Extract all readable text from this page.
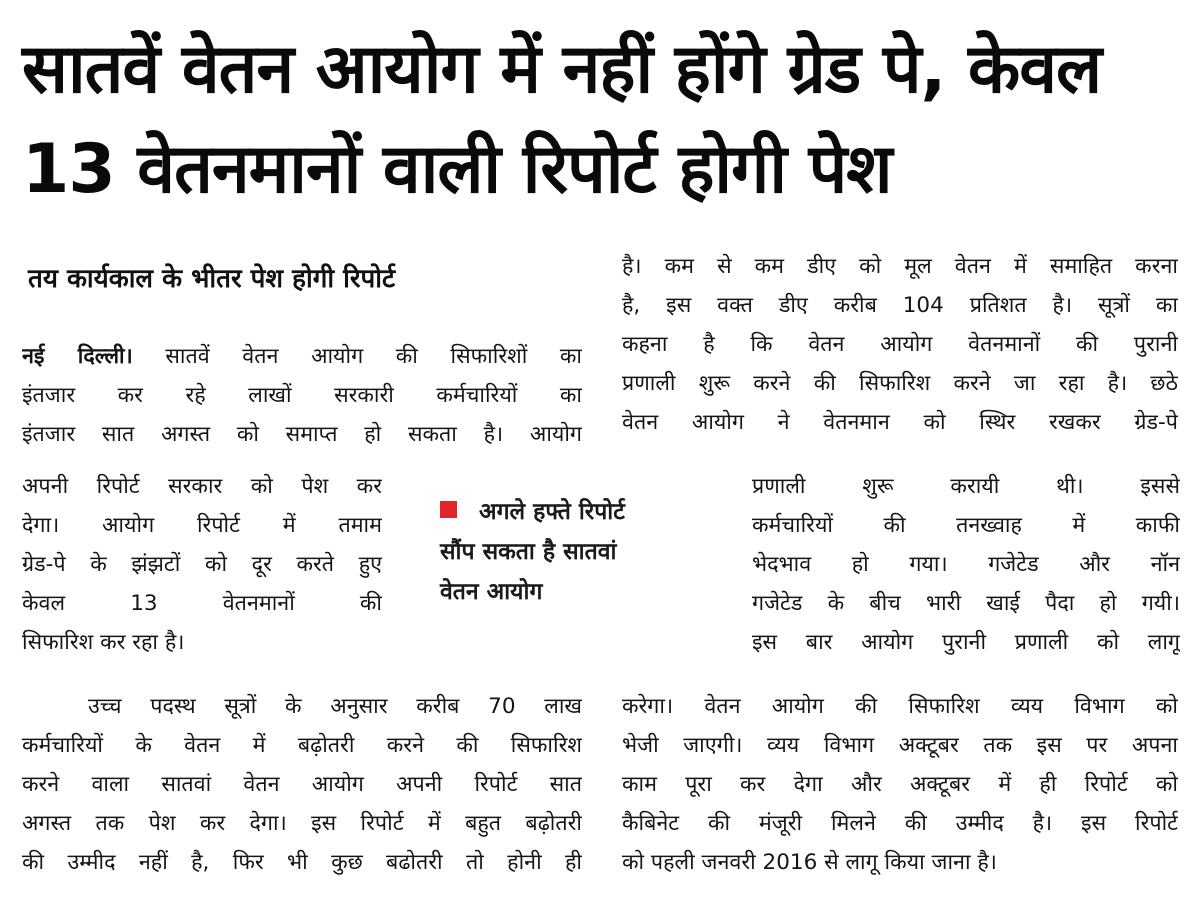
सातवें वेतन आयोग में नहीं होंगे ग्रेड पे, केवल
13 वेतनमानों वाली रिपोर्ट होगी पेश
तय कार्यकाल के भीतर पेश होगी रिपोर्ट
नई दिल्ली। सातवें वेतन आयोग की सिफारिशों का
इंतजार कर रहे लाखों सरकारी कर्मचारियों का
इंतजार सात अगस्त को समाप्त हो सकता है। आयोग
अपनी रिपोर्ट सरकार को पेश कर
देगा। आयोग रिपोर्ट में तमाम
ग्रेड-पे के झंझटों को दूर करते हुए
केवल 13 वेतनमानों की
सिफारिश कर रहा है।
अगले हफ्ते रिपोर्ट
सौंप सकता है सातवां
वेतन आयोग
उच्च पदस्थ सूत्रों के अनुसार करीब 70 लाख
कर्मचारियों के वेतन में बढ़ोतरी करने की सिफारिश
करने वाला सातवां वेतन आयोग अपनी रिपोर्ट सात
अगस्त तक पेश कर देगा। इस रिपोर्ट में बहुत बढ़ोतरी
की उम्मीद नहीं है, फिर भी कुछ बढोतरी तो होनी ही
है। कम से कम डीए को मूल वेतन में समाहित करना
है, इस वक्त डीए करीब 104 प्रतिशत है। सूत्रों का
कहना है कि वेतन आयोग वेतनमानों की पुरानी
प्रणाली शुरू करने की सिफारिश करने जा रहा है। छठे
वेतन आयोग ने वेतनमान को स्थिर रखकर ग्रेड-पे
प्रणाली शुरू करायी थी। इससे
कर्मचारियों की तनख्वाह में काफी
भेदभाव हो गया। गजेटेड और नॉन
गजेटेड के बीच भारी खाई पैदा हो गयी।
इस बार आयोग पुरानी प्रणाली को लागू
करेगा। वेतन आयोग की सिफारिश व्यय विभाग को
भेजी जाएगी। व्यय विभाग अक्टूबर तक इस पर अपना
काम पूरा कर देगा और अक्टूबर में ही रिपोर्ट को
कैबिनेट की मंजूरी मिलने की उम्मीद है। इस रिपोर्ट
को पहली जनवरी 2016 से लागू किया जाना है।
